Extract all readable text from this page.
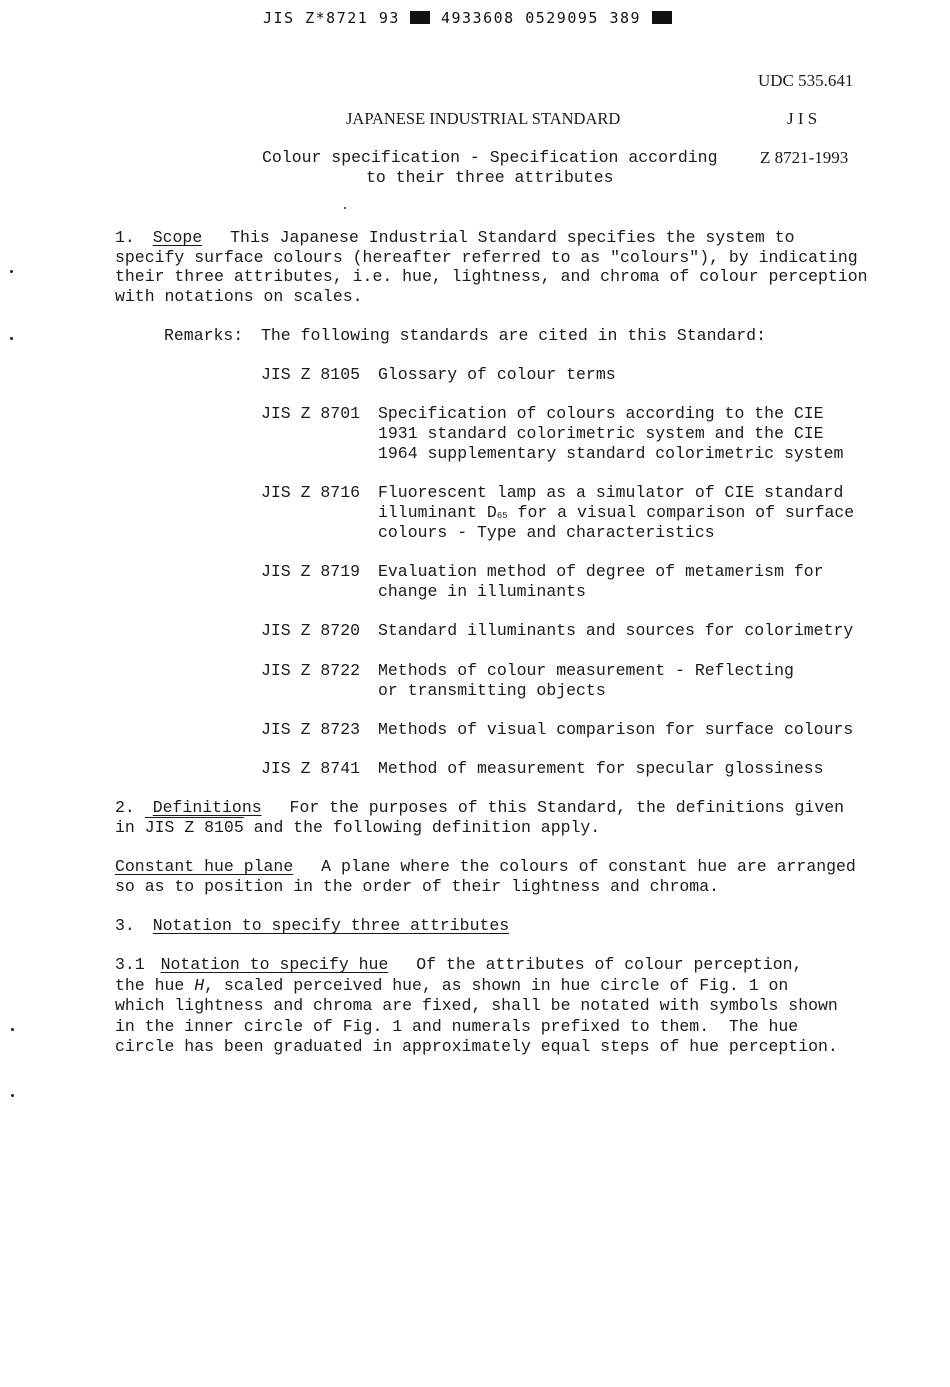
JIS Z*8721 93	4933608 0529095 389
UDC 535.641
JAPANESE INDUSTRIAL STANDARD	J I S
Colour specification - Specification according
to their three attributes
Z 8721-1993
1. Scope This Japanese Industrial Standard specifies the system to
specify surface colours (hereafter referred to as "colours"), by indicating
their three attributes, i.e. hue, lightness, and chroma of colour perception
with notations on scales.
Remarks: The following standards are cited in this Standard:
JIS Z 8105 Glossary of colour terms
JIS Z 8701 Specification of colours according to the CIE
1931 standard colorimetric system and the CIE
1964 supplementary standard colorimetric system
JIS Z 8716 Fluorescent lamp as a simulator of CIE standard
illuminant $D_{65}$ for a visual comparison of surface
colours - Type and characteristics
JIS Z 8719 Evaluation method of degree of metamerism for
change in illuminants
JIS Z 8720 Standard illuminants and sources for colorimetry
JIS Z 8722 Methods of colour measurement - Reflecting
or transmitting objects
JIS Z 8723 Methods of visual comparison for surface colours
JIS Z 8741 Method of measurement for specular glossiness
2. Definitions For the purposes of this Standard, the definitions given
in JIS Z 8105 and the following definition apply.
Constant hue plane A plane where the colours of constant hue are arranged
so as to position in the order of their lightness and chroma.
3. Notation to specify three attributes
3.1 Notation to specify hue Of the attributes of colour perception,
the hue H, scaled perceived hue, as shown in hue circle of Fig. 1 on
which lightness and chroma are fixed, shall be notated with symbols shown
in the inner circle of Fig. 1 and numerals prefixed to them.  The hue
circle has been graduated in approximately equal steps of hue perception.
